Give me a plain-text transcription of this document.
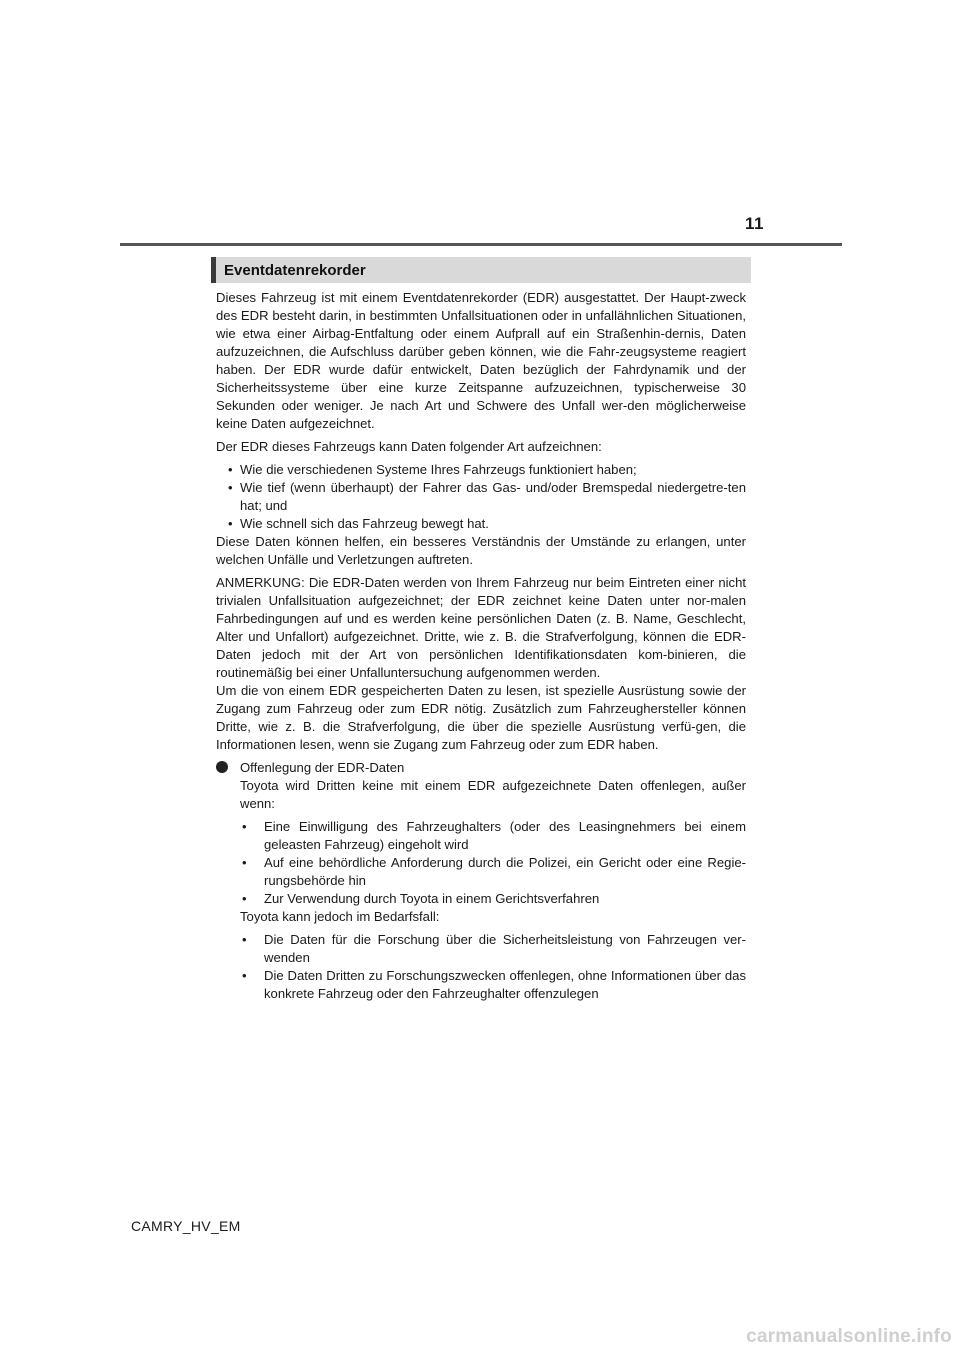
11
Eventdatenrekorder

Dieses Fahrzeug ist mit einem Eventdatenrekorder (EDR) ausgestattet. Der Haupt-zweck des EDR besteht darin, in bestimmten Unfallsituationen oder in unfallähnlichen Situationen, wie etwa einer Airbag-Entfaltung oder einem Aufprall auf ein Straßenhin-dernis, Daten aufzuzeichnen, die Aufschluss darüber geben können, wie die Fahr-zeugsysteme reagiert haben. Der EDR wurde dafür entwickelt, Daten bezüglich der Fahrdynamik und der Sicherheitssysteme über eine kurze Zeitspanne aufzuzeichnen, typischerweise 30 Sekunden oder weniger. Je nach Art und Schwere des Unfall wer-den möglicherweise keine Daten aufgezeichnet.

Der EDR dieses Fahrzeugs kann Daten folgender Art aufzeichnen:

• Wie die verschiedenen Systeme Ihres Fahrzeugs funktioniert haben;
• Wie tief (wenn überhaupt) der Fahrer das Gas- und/oder Bremspedal niedergetre-ten hat; und
• Wie schnell sich das Fahrzeug bewegt hat.

Diese Daten können helfen, ein besseres Verständnis der Umstände zu erlangen, unter welchen Unfälle und Verletzungen auftreten.

ANMERKUNG: Die EDR-Daten werden von Ihrem Fahrzeug nur beim Eintreten einer nicht trivialen Unfallsituation aufgezeichnet; der EDR zeichnet keine Daten unter nor-malen Fahrbedingungen auf und es werden keine persönlichen Daten (z. B. Name, Geschlecht, Alter und Unfallort) aufgezeichnet. Dritte, wie z. B. die Strafverfolgung, können die EDR-Daten jedoch mit der Art von persönlichen Identifikationsdaten kom-binieren, die routinemäßig bei einer Unfalluntersuchung aufgenommen werden.

Um die von einem EDR gespeicherten Daten zu lesen, ist spezielle Ausrüstung sowie der Zugang zum Fahrzeug oder zum EDR nötig. Zusätzlich zum Fahrzeughersteller können Dritte, wie z. B. die Strafverfolgung, die über die spezielle Ausrüstung verfü-gen, die Informationen lesen, wenn sie Zugang zum Fahrzeug oder zum EDR haben.

Offenlegung der EDR-Daten

Toyota wird Dritten keine mit einem EDR aufgezeichnete Daten offenlegen, außer wenn:

• Eine Einwilligung des Fahrzeughalters (oder des Leasingnehmers bei einem geleasten Fahrzeug) eingeholt wird
• Auf eine behördliche Anforderung durch die Polizei, ein Gericht oder eine Regie-rungsbehörde hin
• Zur Verwendung durch Toyota in einem Gerichtsverfahren

Toyota kann jedoch im Bedarfsfall:

• Die Daten für die Forschung über die Sicherheitsleistung von Fahrzeugen ver-wenden
• Die Daten Dritten zu Forschungszwecken offenlegen, ohne Informationen über das konkrete Fahrzeug oder den Fahrzeughalter offenzulegen
CAMRY_HV_EM
carmanualsonline.info
